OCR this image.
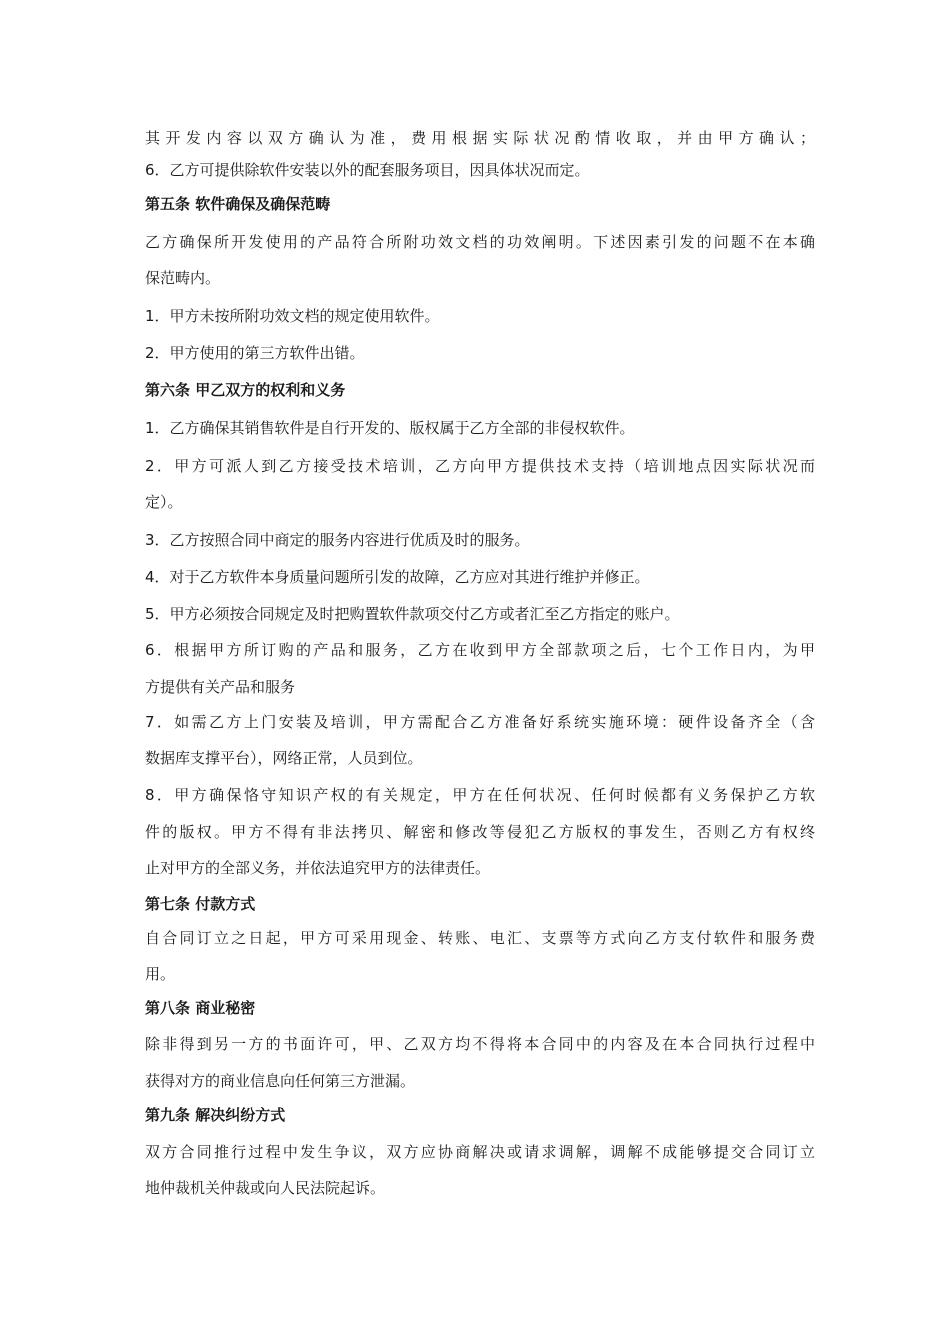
其开发内容以双方确认为准，费用根据实际状况酌情收取，并由甲方确认；

6．乙方可提供除软件安装以外的配套服务项目，因具体状况而定。

第五条 软件确保及确保范畴

乙方确保所开发使用的产品符合所附功效文档的功效阐明。下述因素引发的问题不在本确

保范畴内。

1．甲方未按所附功效文档的规定使用软件。

2．甲方使用的第三方软件出错。

第六条 甲乙双方的权利和义务

1．乙方确保其销售软件是自行开发的、版权属于乙方全部的非侵权软件。

2．甲方可派人到乙方接受技术培训，乙方向甲方提供技术支持（培训地点因实际状况而

定）。

3．乙方按照合同中商定的服务内容进行优质及时的服务。

4．对于乙方软件本身质量问题所引发的故障，乙方应对其进行维护并修正。

5．甲方必须按合同规定及时把购置软件款项交付乙方或者汇至乙方指定的账户。

6．根据甲方所订购的产品和服务，乙方在收到甲方全部款项之后，七个工作日内，为甲

方提供有关产品和服务

7．如需乙方上门安装及培训，甲方需配合乙方准备好系统实施环境：硬件设备齐全（含

数据库支撑平台），网络正常，人员到位。

8．甲方确保恪守知识产权的有关规定，甲方在任何状况、任何时候都有义务保护乙方软

件的版权。甲方不得有非法拷贝、解密和修改等侵犯乙方版权的事发生，否则乙方有权终

止对甲方的全部义务，并依法追究甲方的法律责任。

第七条 付款方式

自合同订立之日起，甲方可采用现金、转账、电汇、支票等方式向乙方支付软件和服务费

用。

第八条 商业秘密

除非得到另一方的书面许可，甲、乙双方均不得将本合同中的内容及在本合同执行过程中

获得对方的商业信息向任何第三方泄漏。

第九条 解决纠纷方式

双方合同推行过程中发生争议，双方应协商解决或请求调解，调解不成能够提交合同订立

地仲裁机关仲裁或向人民法院起诉。
